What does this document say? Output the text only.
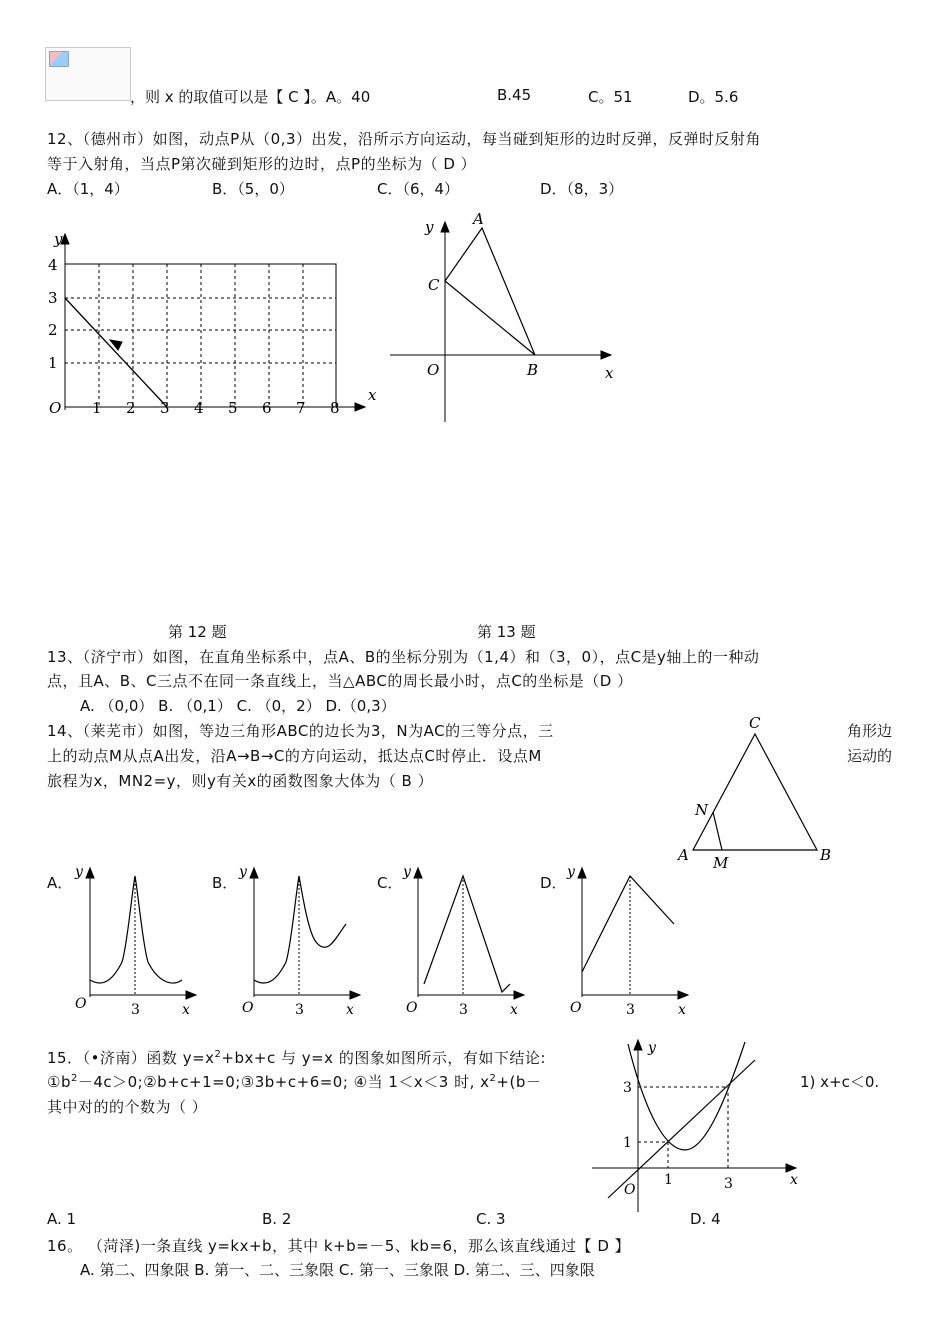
，则 x 的取值可以是【 C 】。A。40	B.45	C。51	D。5.6
12、（德州市）如图，动点P从（0,3）出发，沿所示方向运动，每当碰到矩形的边时反弹，反弹时反射角
等于入射角，当点P第次碰到矩形的边时，点P的坐标为（ D ）
A．（1，4）	B．（5，0）	C．（6，4）	D．（8，3）
O 1 2 3 4 5 6 7 8
1
2
3
4
x
y
A
C
B
O	x
y
第 12 题	第 13 题
13、（济宁市）如图，在直角坐标系中，点A、B的坐标分别为（1,4）和（3，0），点C是y轴上的一种动
点，且A、B、C三点不在同一条直线上，当△ABC的周长最小时，点C的坐标是（D ）
A. （0,0） B. （0,1） C. （0，2） D.（0,3）
14、（莱芜市）如图，等边三角形ABC的边长为3，N为AC的三等分点，三	角形边
上的动点M从点A出发，沿A→B→C的方向运动，抵达点C时停止．设点M	运动的
旅程为x，MN2=y，则y有关x的函数图象大体为（ B ）
C
N
A M	B
A．	B．	C．	D．
O	3	x
y
O	3	x
y
O	3	x
y
O	3	x
y
15．（•济南）函数 $y=x^2+bx+c$ 与 y=x 的图象如图所示，有如下结论:
$①b^2-4c>0;②b+c+1=0;③3b+c+6=0$; ④当 1＜x＜3 时, $x^2+(b-$	1) x+c＜0.
其中对的的个数为（ ）
3
1
1	3
O
x
y
A. 1	B. 2	C. 3	D. 4
16。 （菏泽)一条直线 y=kx+b，其中 k+b=－5、kb=6，那么该直线通过【 D 】
A. 第二、四象限 B. 第一、二、三象限 C. 第一、三象限 D. 第二、三、四象限
